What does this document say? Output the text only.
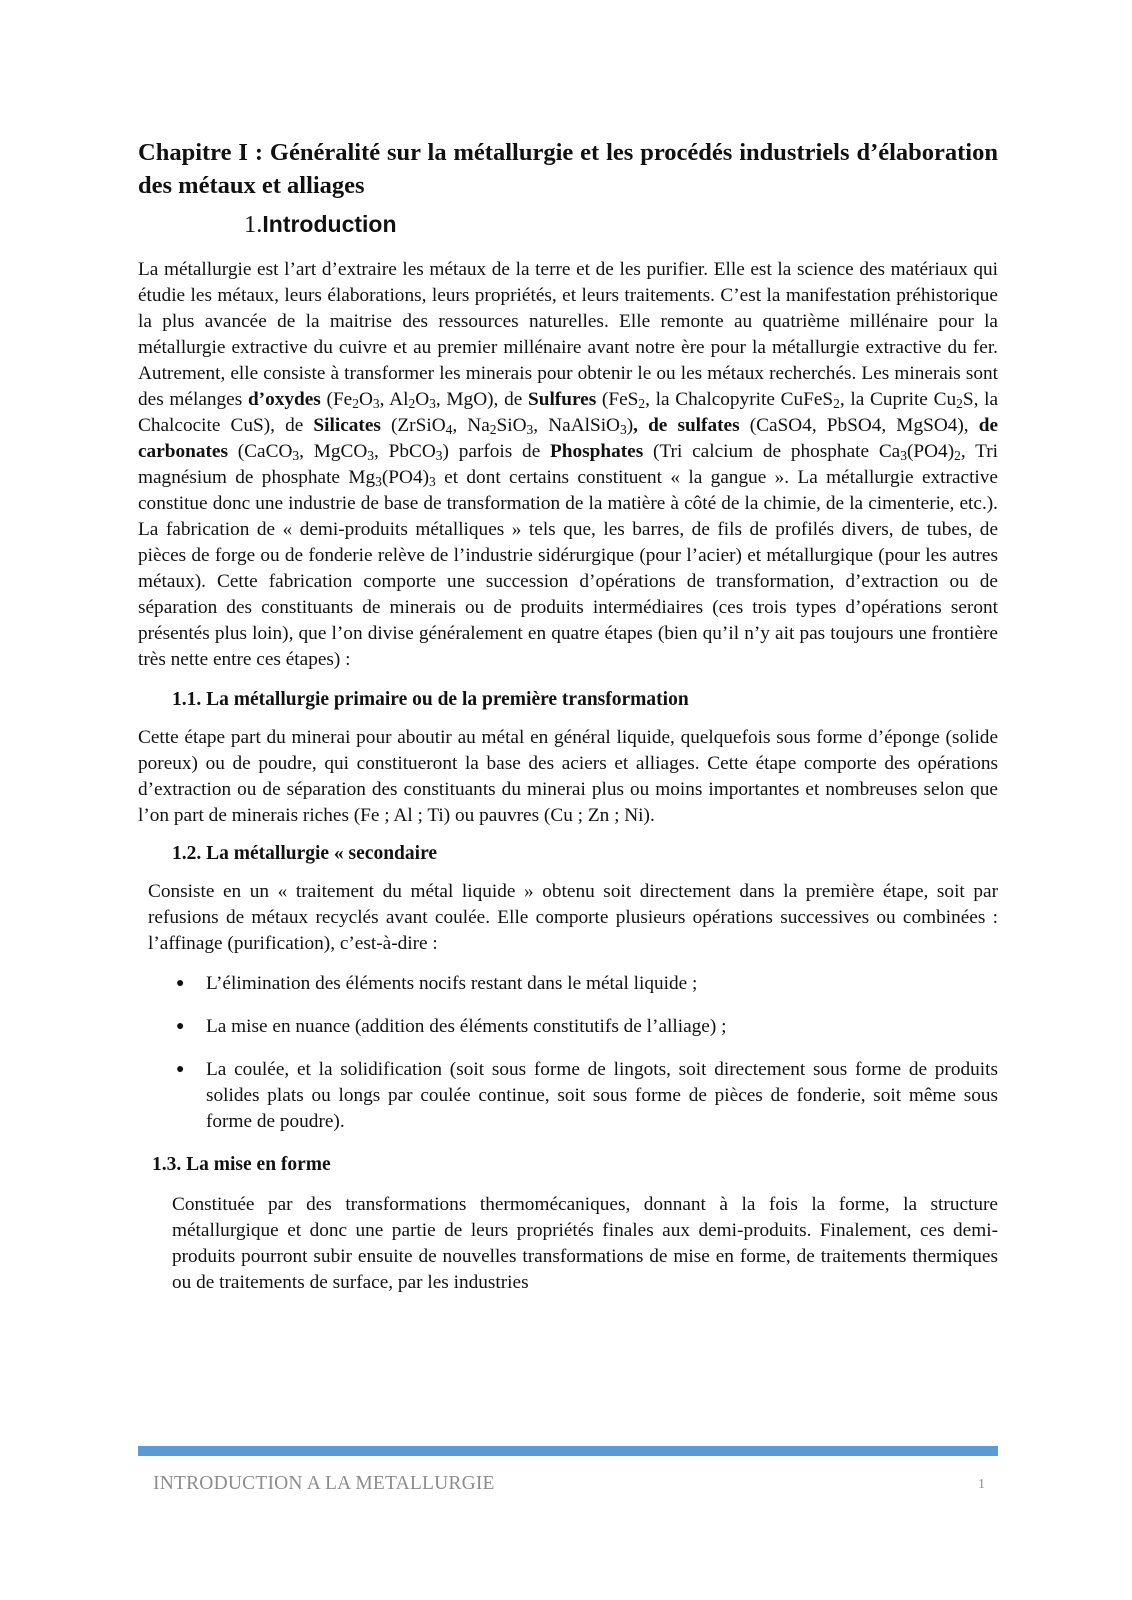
Chapitre I : Généralité sur la métallurgie et les procédés industriels d’élaboration des métaux et alliages
1.Introduction

La métallurgie est l’art d’extraire les métaux de la terre et de les purifier. Elle est la science des matériaux qui étudie les métaux, leurs élaborations, leurs propriétés, et leurs traitements. C’est la manifestation préhistorique la plus avancée de la maitrise des ressources naturelles. Elle remonte au quatrième millénaire pour la métallurgie extractive du cuivre et au premier millénaire avant notre ère pour la métallurgie extractive du fer. Autrement, elle consiste à transformer les minerais pour obtenir le ou les métaux recherchés. Les minerais sont des mélanges d’oxydes ($Fe_2O_3$, $Al_2O_3$, MgO), de Sulfures (FeS$_2$, la Chalcopyrite CuFeS$_2$, la Cuprite $Cu_2S$, la Chalcocite CuS), de Silicates (ZrSiO$_4$, $Na_2SiO_3$, NaAlSiO$_3$), de sulfates (CaSO4, PbSO4, MgSO4), de carbonates (CaCO$_3$, MgCO$_3$, PbCO$_3$) parfois de Phosphates (Tri calcium de phosphate $Ca_3(PO4)_2$, Tri magnésium de phosphate $Mg_3(PO4)_3$ et dont certains constituent « la gangue ». La métallurgie extractive constitue donc une industrie de base de transformation de la matière à côté de la chimie, de la cimenterie, etc.). La fabrication de « demi-produits métalliques » tels que, les barres, de fils de profilés divers, de tubes, de pièces de forge ou de fonderie relève de l’industrie sidérurgique (pour l’acier) et métallurgique (pour les autres métaux). Cette fabrication comporte une succession d’opérations de transformation, d’extraction ou de séparation des constituants de minerais ou de produits intermédiaires (ces trois types d’opérations seront présentés plus loin), que l’on divise généralement en quatre étapes (bien qu’il n’y ait pas toujours une frontière très nette entre ces étapes) :

1.1. La métallurgie primaire ou de la première transformation

Cette étape part du minerai pour aboutir au métal en général liquide, quelquefois sous forme d’éponge (solide poreux) ou de poudre, qui constitueront la base des aciers et alliages. Cette étape comporte des opérations d’extraction ou de séparation des constituants du minerai plus ou moins importantes et nombreuses selon que l’on part de minerais riches (Fe ; Al ; Ti) ou pauvres (Cu ; Zn ; Ni).

1.2. La métallurgie « secondaire

Consiste en un « traitement du métal liquide » obtenu soit directement dans la première étape, soit par refusions de métaux recyclés avant coulée. Elle comporte plusieurs opérations successives ou combinées : l’affinage (purification), c’est-à-dire :

● L’élimination des éléments nocifs restant dans le métal liquide ;
● La mise en nuance (addition des éléments constitutifs de l’alliage) ;
● La coulée, et la solidification (soit sous forme de lingots, soit directement sous forme de produits solides plats ou longs par coulée continue, soit sous forme de pièces de fonderie, soit même sous forme de poudre).
1.3. La mise en forme

Constituée par des transformations thermomécaniques, donnant à la fois la forme, la structure métallurgique et donc une partie de leurs propriétés finales aux demi-produits. Finalement, ces demi-produits pourront subir ensuite de nouvelles transformations de mise en forme, de traitements thermiques ou de traitements de surface, par les industries

INTRODUCTION A LA METALLURGIE	1
